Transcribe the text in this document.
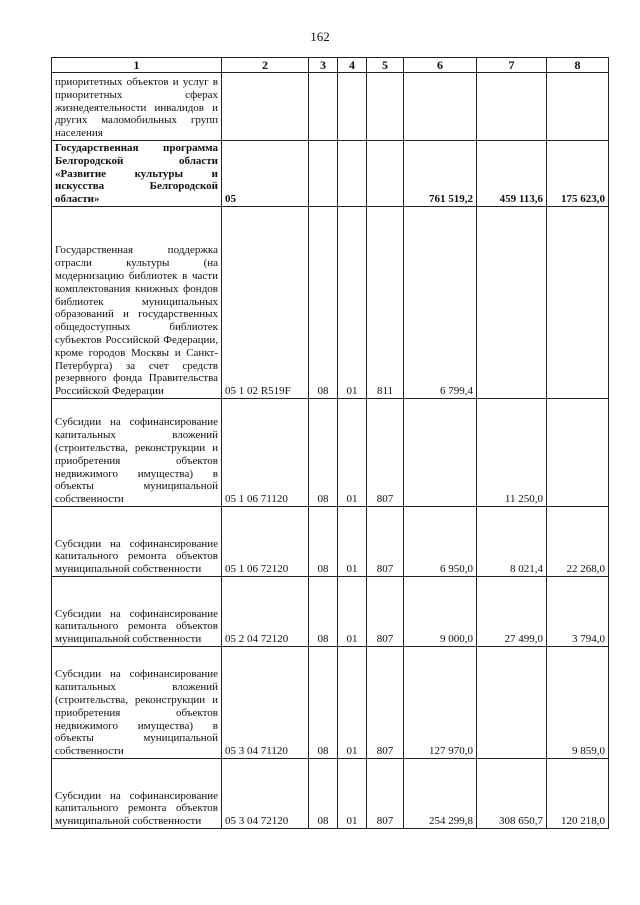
162
1	2	3	4	5	6	7	8
приоритетных объектов и услуг в приоритетных сферах жизнедеятельности инвалидов и других маломобильных групп населения							
Государственная программа Белгородской области «Развитие культуры и искусства Белгородской области»	05				761 519,2	459 113,6	175 623,0
Государственная поддержка отрасли культуры (на модернизацию библиотек в части комплектования книжных фондов библиотек муниципальных образований и государственных общедоступных библиотек субъектов Российской Федерации, кроме городов Москвы и Санкт-Петербурга) за счет средств резервного фонда Правительства Российской Федерации	05 1 02 R519F	08	01	811	6 799,4		
Субсидии на софинансирование капитальных вложений (строительства, реконструкции и приобретения объектов недвижимого имущества) в объекты муниципальной собственности	05 1 06 71120	08	01	807		11 250,0	
Субсидии на софинансирование капитального ремонта объектов муниципальной собственности	05 1 06 72120	08	01	807	6 950,0	8 021,4	22 268,0
Субсидии на софинансирование капитального ремонта объектов муниципальной собственности	05 2 04 72120	08	01	807	9 000,0	27 499,0	3 794,0
Субсидии на софинансирование капитальных вложений (строительства, реконструкции и приобретения объектов недвижимого имущества) в объекты муниципальной собственности	05 3 04 71120	08	01	807	127 970,0		9 859,0
Субсидии на софинансирование капитального ремонта объектов муниципальной собственности	05 3 04 72120	08	01	807	254 299,8	308 650,7	120 218,0
